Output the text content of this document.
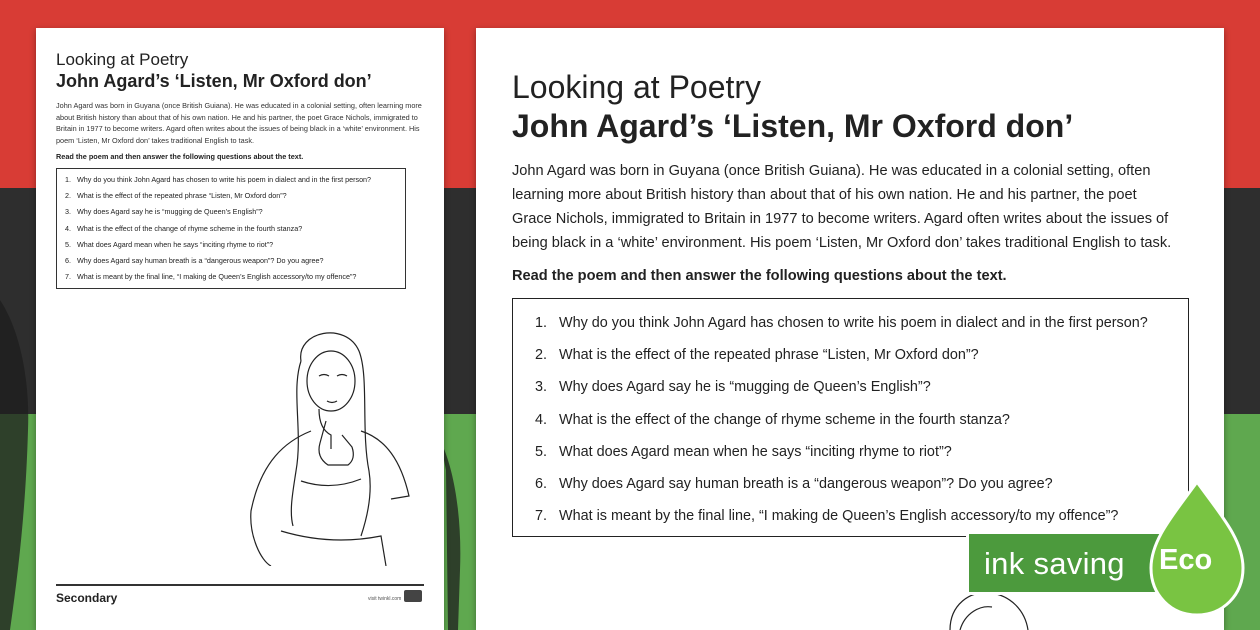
Looking at Poetry
John Agard’s ‘Listen, Mr Oxford don’
John Agard was born in Guyana (once British Guiana). He was educated in a colonial setting, often learning more about British history than about that of his own nation. He and his partner, the poet Grace Nichols, immigrated to Britain in 1977 to become writers. Agard often writes about the issues of being black in a ‘white’ environment. His poem ‘Listen, Mr Oxford don’ takes traditional English to task.
Read the poem and then answer the following questions about the text.
1. Why do you think John Agard has chosen to write his poem in dialect and in the first person?
2. What is the effect of the repeated phrase “Listen, Mr Oxford don”?
3. Why does Agard say he is “mugging de Queen’s English”?
4. What is the effect of the change of rhyme scheme in the fourth stanza?
5. What does Agard mean when he says “inciting rhyme to riot”?
6. Why does Agard say human breath is a “dangerous weapon”? Do you agree?
7. What is meant by the final line, “I making de Queen’s English accessory/to my offence”?
Secondary	visit twinkl.com
Looking at Poetry
John Agard’s ‘Listen, Mr Oxford don’
John Agard was born in Guyana (once British Guiana). He was educated in a colonial setting, often
learning more about British history than about that of his own nation. He and his partner, the poet
Grace Nichols, immigrated to Britain in 1977 to become writers. Agard often writes about the issues of
being black in a ‘white’ environment. His poem ‘Listen, Mr Oxford don’ takes traditional English to task.
Read the poem and then answer the following questions about the text.
1. Why do you think John Agard has chosen to write his poem in dialect and in the first person?
2. What is the effect of the repeated phrase “Listen, Mr Oxford don”?
3. Why does Agard say he is “mugging de Queen’s English”?
4. What is the effect of the change of rhyme scheme in the fourth stanza?
5. What does Agard mean when he says “inciting rhyme to riot”?
6. Why does Agard say human breath is a “dangerous weapon”? Do you agree?
7. What is meant by the final line, “I making de Queen’s English accessory/to my offence”?
ink saving Eco
